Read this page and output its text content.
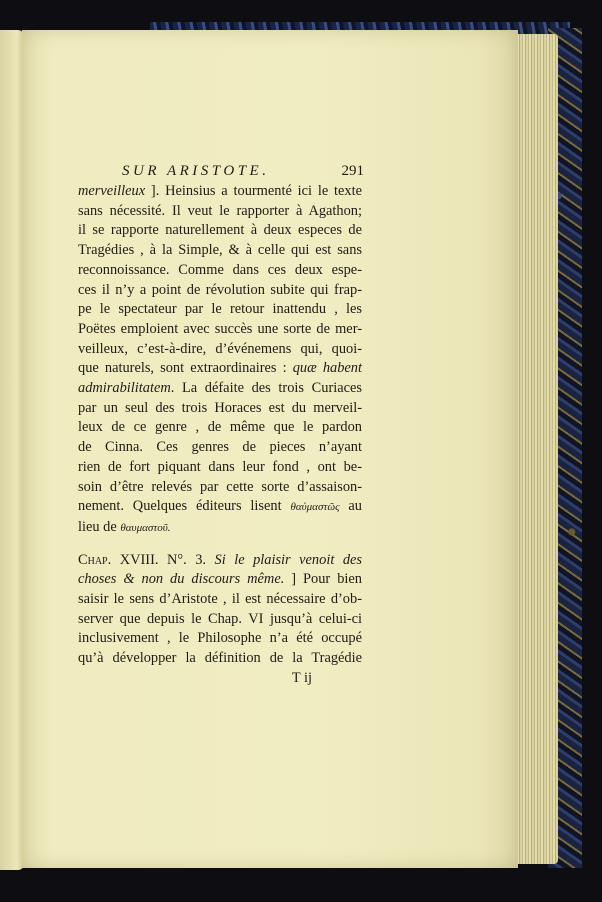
SUR ARISTOTE.	291
merveilleux ]. Heinsius a tourmenté ici le texte
sans nécessité. Il veut le rapporter à Agathon;
il se rapporte naturellement à deux especes de
Tragédies , à la Simple, & à celle qui est sans
reconnoissance. Comme dans ces deux espe-
ces il n’y a point de révolution subite qui frap-
pe le spectateur par le retour inattendu , les
Poëtes emploient avec succès une sorte de mer-
veilleux, c’est-à-dire, d’événemens qui, quoi-
que naturels, sont extraordinaires : quæ habent
admirabilitatem. La défaite des trois Curiaces
par un seul des trois Horaces est du merveil-
leux de ce genre , de même que le pardon
de Cinna. Ces genres de pieces n’ayant
rien de fort piquant dans leur fond , ont be-
soin d’être relevés par cette sorte d’assaison-
nement. Quelques éditeurs lisent θαύμαστῶς au
lieu de θαυμαστοῦ.
Chap. XVIII. N°. 3. Si le plaisir venoit des
choses & non du discours même. ] Pour bien
saisir le sens d’Aristote , il est nécessaire d’ob-
server que depuis le Chap. VI jusqu’à celui-ci
inclusivement , le Philosophe n’a été occupé
qu’à développer la définition de la Tragédie
T ij
